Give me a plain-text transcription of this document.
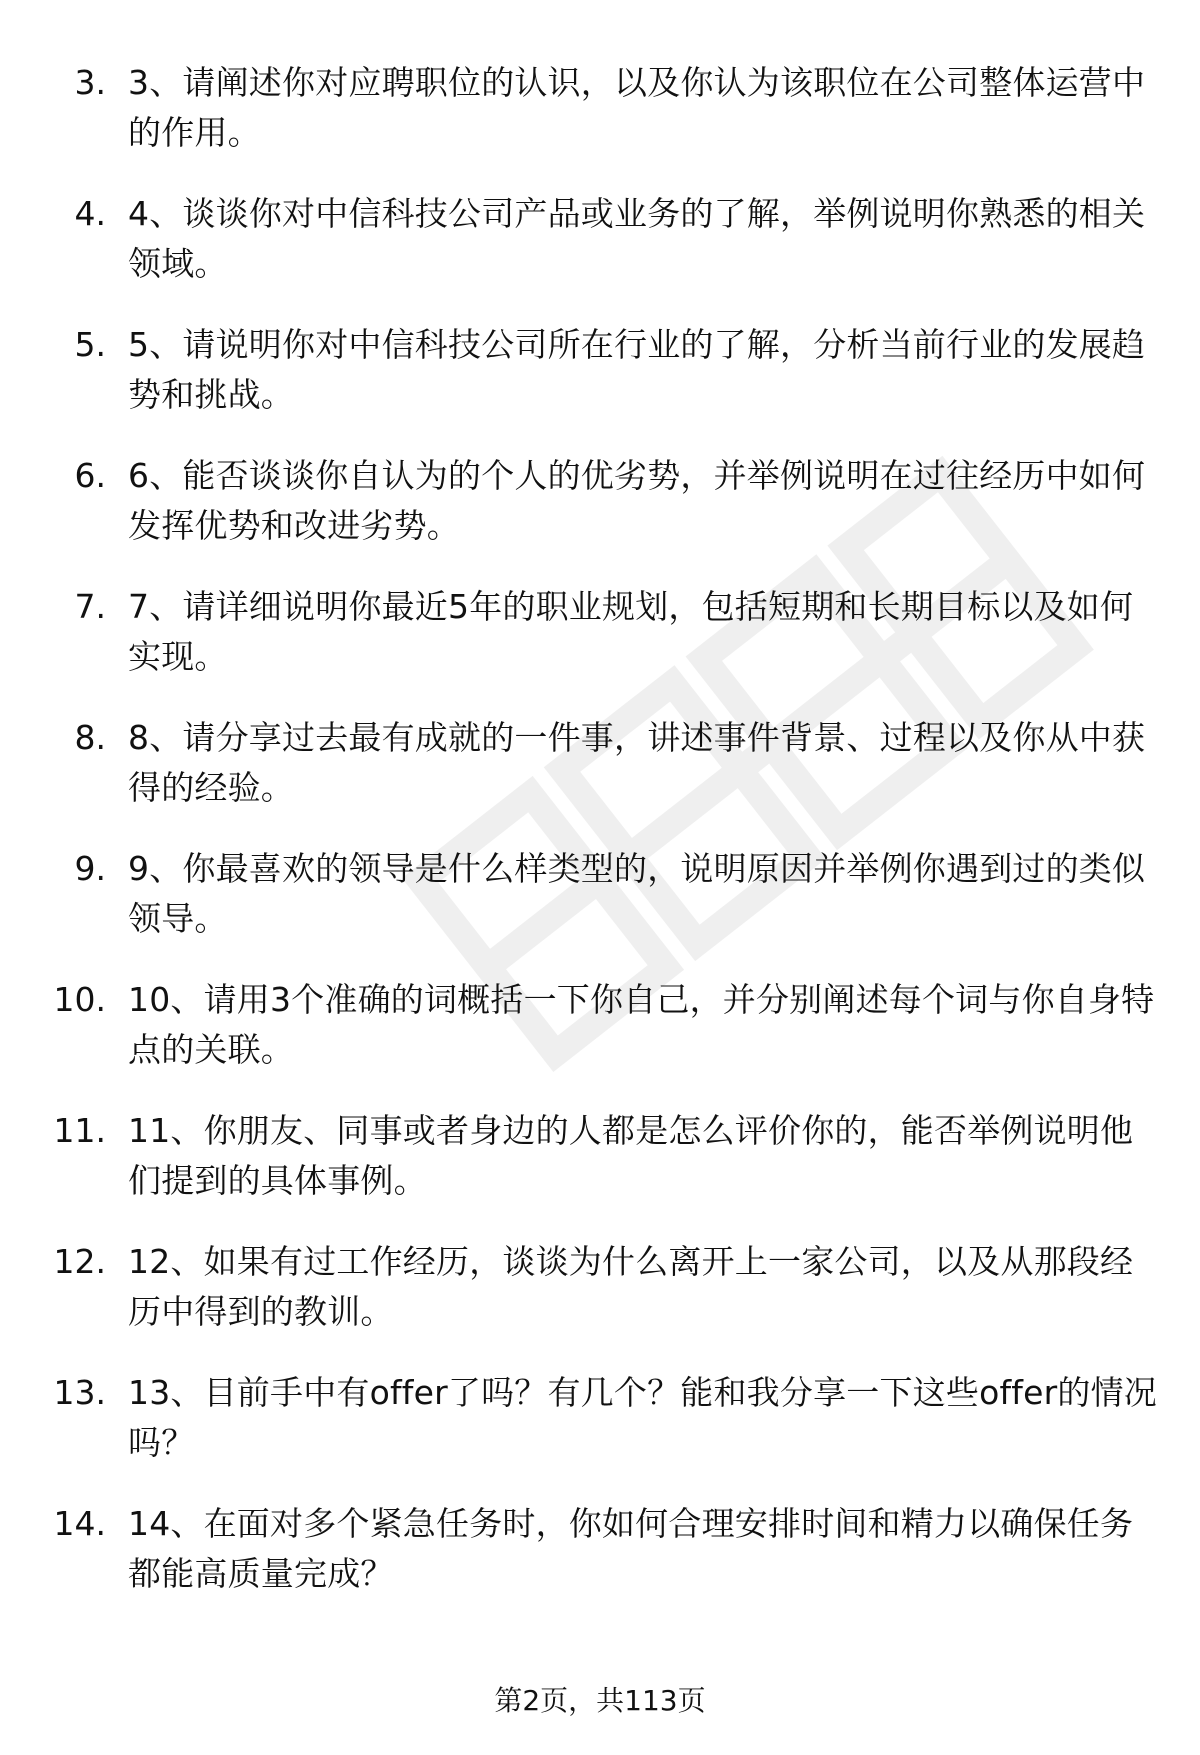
3. 3、请阐述你对应聘职位的认识，以及你认为该职位在公司整体运营中的作用。
4. 4、谈谈你对中信科技公司产品或业务的了解，举例说明你熟悉的相关领域。
5. 5、请说明你对中信科技公司所在行业的了解，分析当前行业的发展趋势和挑战。
6. 6、能否谈谈你自认为的个人的优劣势，并举例说明在过往经历中如何发挥优势和改进劣势。
7. 7、请详细说明你最近5年的职业规划，包括短期和长期目标以及如何实现。
8. 8、请分享过去最有成就的一件事，讲述事件背景、过程以及你从中获得的经验。
9. 9、你最喜欢的领导是什么样类型的，说明原因并举例你遇到过的类似领导。
10. 10、请用3个准确的词概括一下你自己，并分别阐述每个词与你自身特点的关联。
11. 11、你朋友、同事或者身边的人都是怎么评价你的，能否举例说明他们提到的具体事例。
12. 12、如果有过工作经历，谈谈为什么离开上一家公司，以及从那段经历中得到的教训。
13. 13、目前手中有offer了吗？有几个？能和我分享一下这些offer的情况吗？
14. 14、在面对多个紧急任务时，你如何合理安排时间和精力以确保任务都能高质量完成？
第2页，共113页
